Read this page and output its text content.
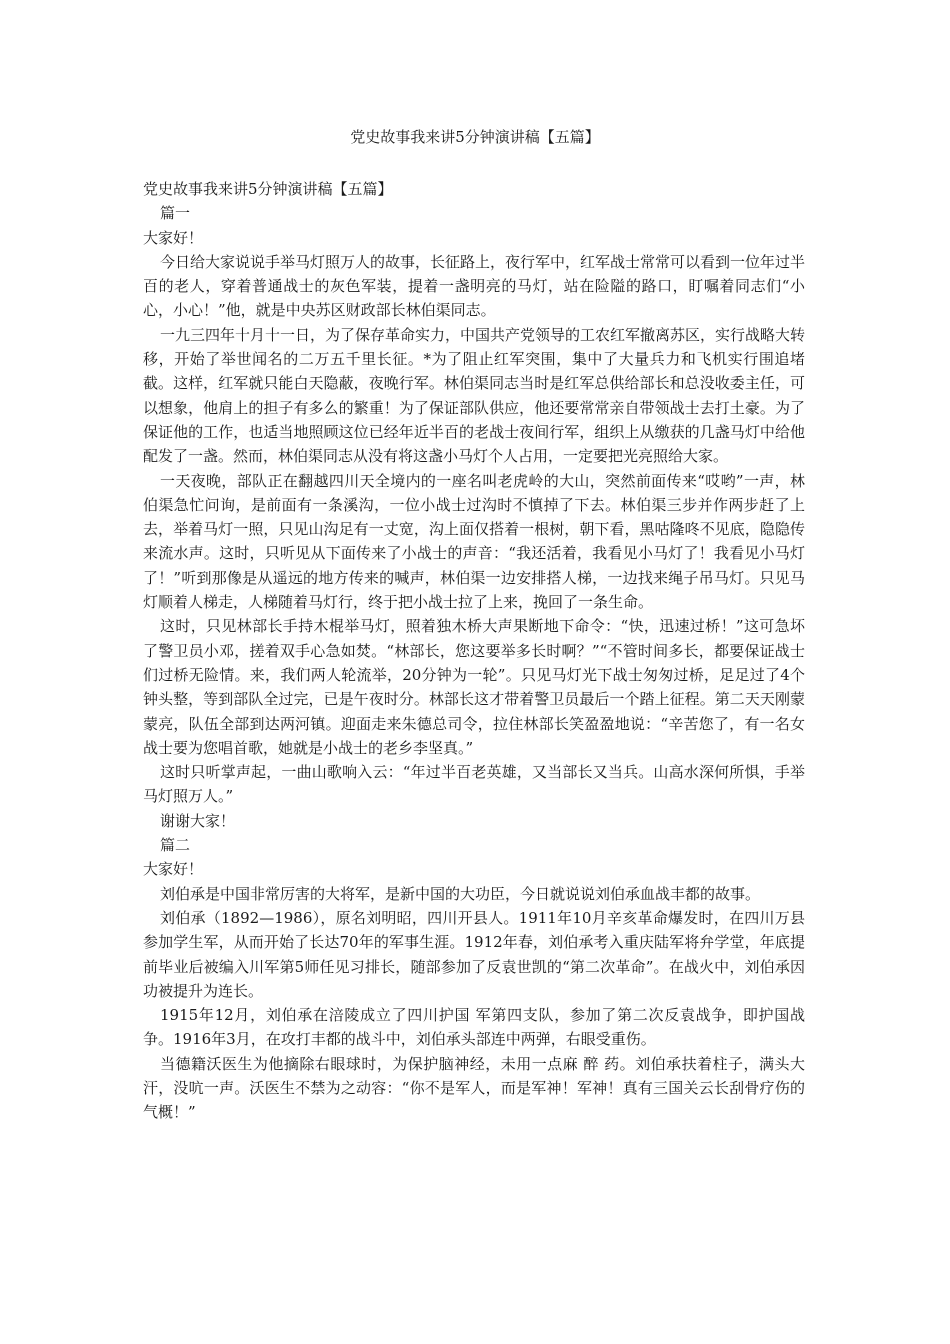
党史故事我来讲5分钟演讲稿【五篇】

党史故事我来讲5分钟演讲稿【五篇】

篇一

大家好！

今日给大家说说手举马灯照万人的故事，长征路上，夜行军中，红军战士常常可以看到一位年过半百的老人，穿着普通战士的灰色军装，提着一盏明亮的马灯，站在险隘的路口，盯嘱着同志们“小心，小心！”他，就是中央苏区财政部长林伯渠同志。

一九三四年十月十一日，为了保存革命实力，中国共产党领导的工农红军撤离苏区，实行战略大转移，开始了举世闻名的二万五千里长征。*为了阻止红军突围，集中了大量兵力和飞机实行围追堵截。这样，红军就只能白天隐蔽，夜晚行军。林伯渠同志当时是红军总供给部长和总没收委主任，可以想象，他肩上的担子有多么的繁重！为了保证部队供应，他还要常常亲自带领战士去打土豪。为了保证他的工作，也适当地照顾这位已经年近半百的老战士夜间行军，组织上从缴获的几盏马灯中给他配发了一盏。然而，林伯渠同志从没有将这盏小马灯个人占用，一定要把光亮照给大家。

一天夜晚，部队正在翻越四川天全境内的一座名叫老虎岭的大山，突然前面传来“哎哟”一声，林伯渠急忙问询，是前面有一条溪沟，一位小战士过沟时不慎掉了下去。林伯渠三步并作两步赶了上去，举着马灯一照，只见山沟足有一丈宽，沟上面仅搭着一根树，朝下看，黑咕隆咚不见底，隐隐传来流水声。这时，只听见从下面传来了小战士的声音：“我还活着，我看见小马灯了！我看见小马灯了！”听到那像是从遥远的地方传来的喊声，林伯渠一边安排搭人梯，一边找来绳子吊马灯。只见马灯顺着人梯走，人梯随着马灯行，终于把小战士拉了上来，挽回了一条生命。

这时，只见林部长手持木棍举马灯，照着独木桥大声果断地下命令：“快，迅速过桥！”这可急坏了警卫员小邓，搓着双手心急如焚。“林部长，您这要举多长时啊？”“不管时间多长，都要保证战士们过桥无险情。来，我们两人轮流举，20分钟为一轮”。只见马灯光下战士匆匆过桥，足足过了4个钟头整，等到部队全过完，已是午夜时分。林部长这才带着警卫员最后一个踏上征程。第二天天刚蒙蒙亮，队伍全部到达两河镇。迎面走来朱德总司令，拉住林部长笑盈盈地说：“辛苦您了，有一名女战士要为您唱首歌，她就是小战士的老乡李坚真。”

这时只听掌声起，一曲山歌响入云：“年过半百老英雄，又当部长又当兵。山高水深何所惧，手举马灯照万人。”

谢谢大家！

篇二

大家好！

刘伯承是中国非常厉害的大将军，是新中国的大功臣，今日就说说刘伯承血战丰都的故事。

刘伯承（1892—1986），原名刘明昭，四川开县人。1911年10月辛亥革命爆发时，在四川万县参加学生军，从而开始了长达70年的军事生涯。1912年春，刘伯承考入重庆陆军将弁学堂，年底提前毕业后被编入川军第5师任见习排长，随部参加了反袁世凯的“第二次革命”。在战火中，刘伯承因功被提升为连长。

1915年12月，刘伯承在涪陵成立了四川护国 军第四支队，参加了第二次反袁战争，即护国战争。1916年3月，在攻打丰都的战斗中，刘伯承头部连中两弹，右眼受重伤。

当德籍沃医生为他摘除右眼球时，为保护脑神经，未用一点麻 醉 药。刘伯承扶着柱子，满头大汗，没吭一声。沃医生不禁为之动容：“你不是军人，而是军神！军神！真有三国关云长刮骨疗伤的气概！”
